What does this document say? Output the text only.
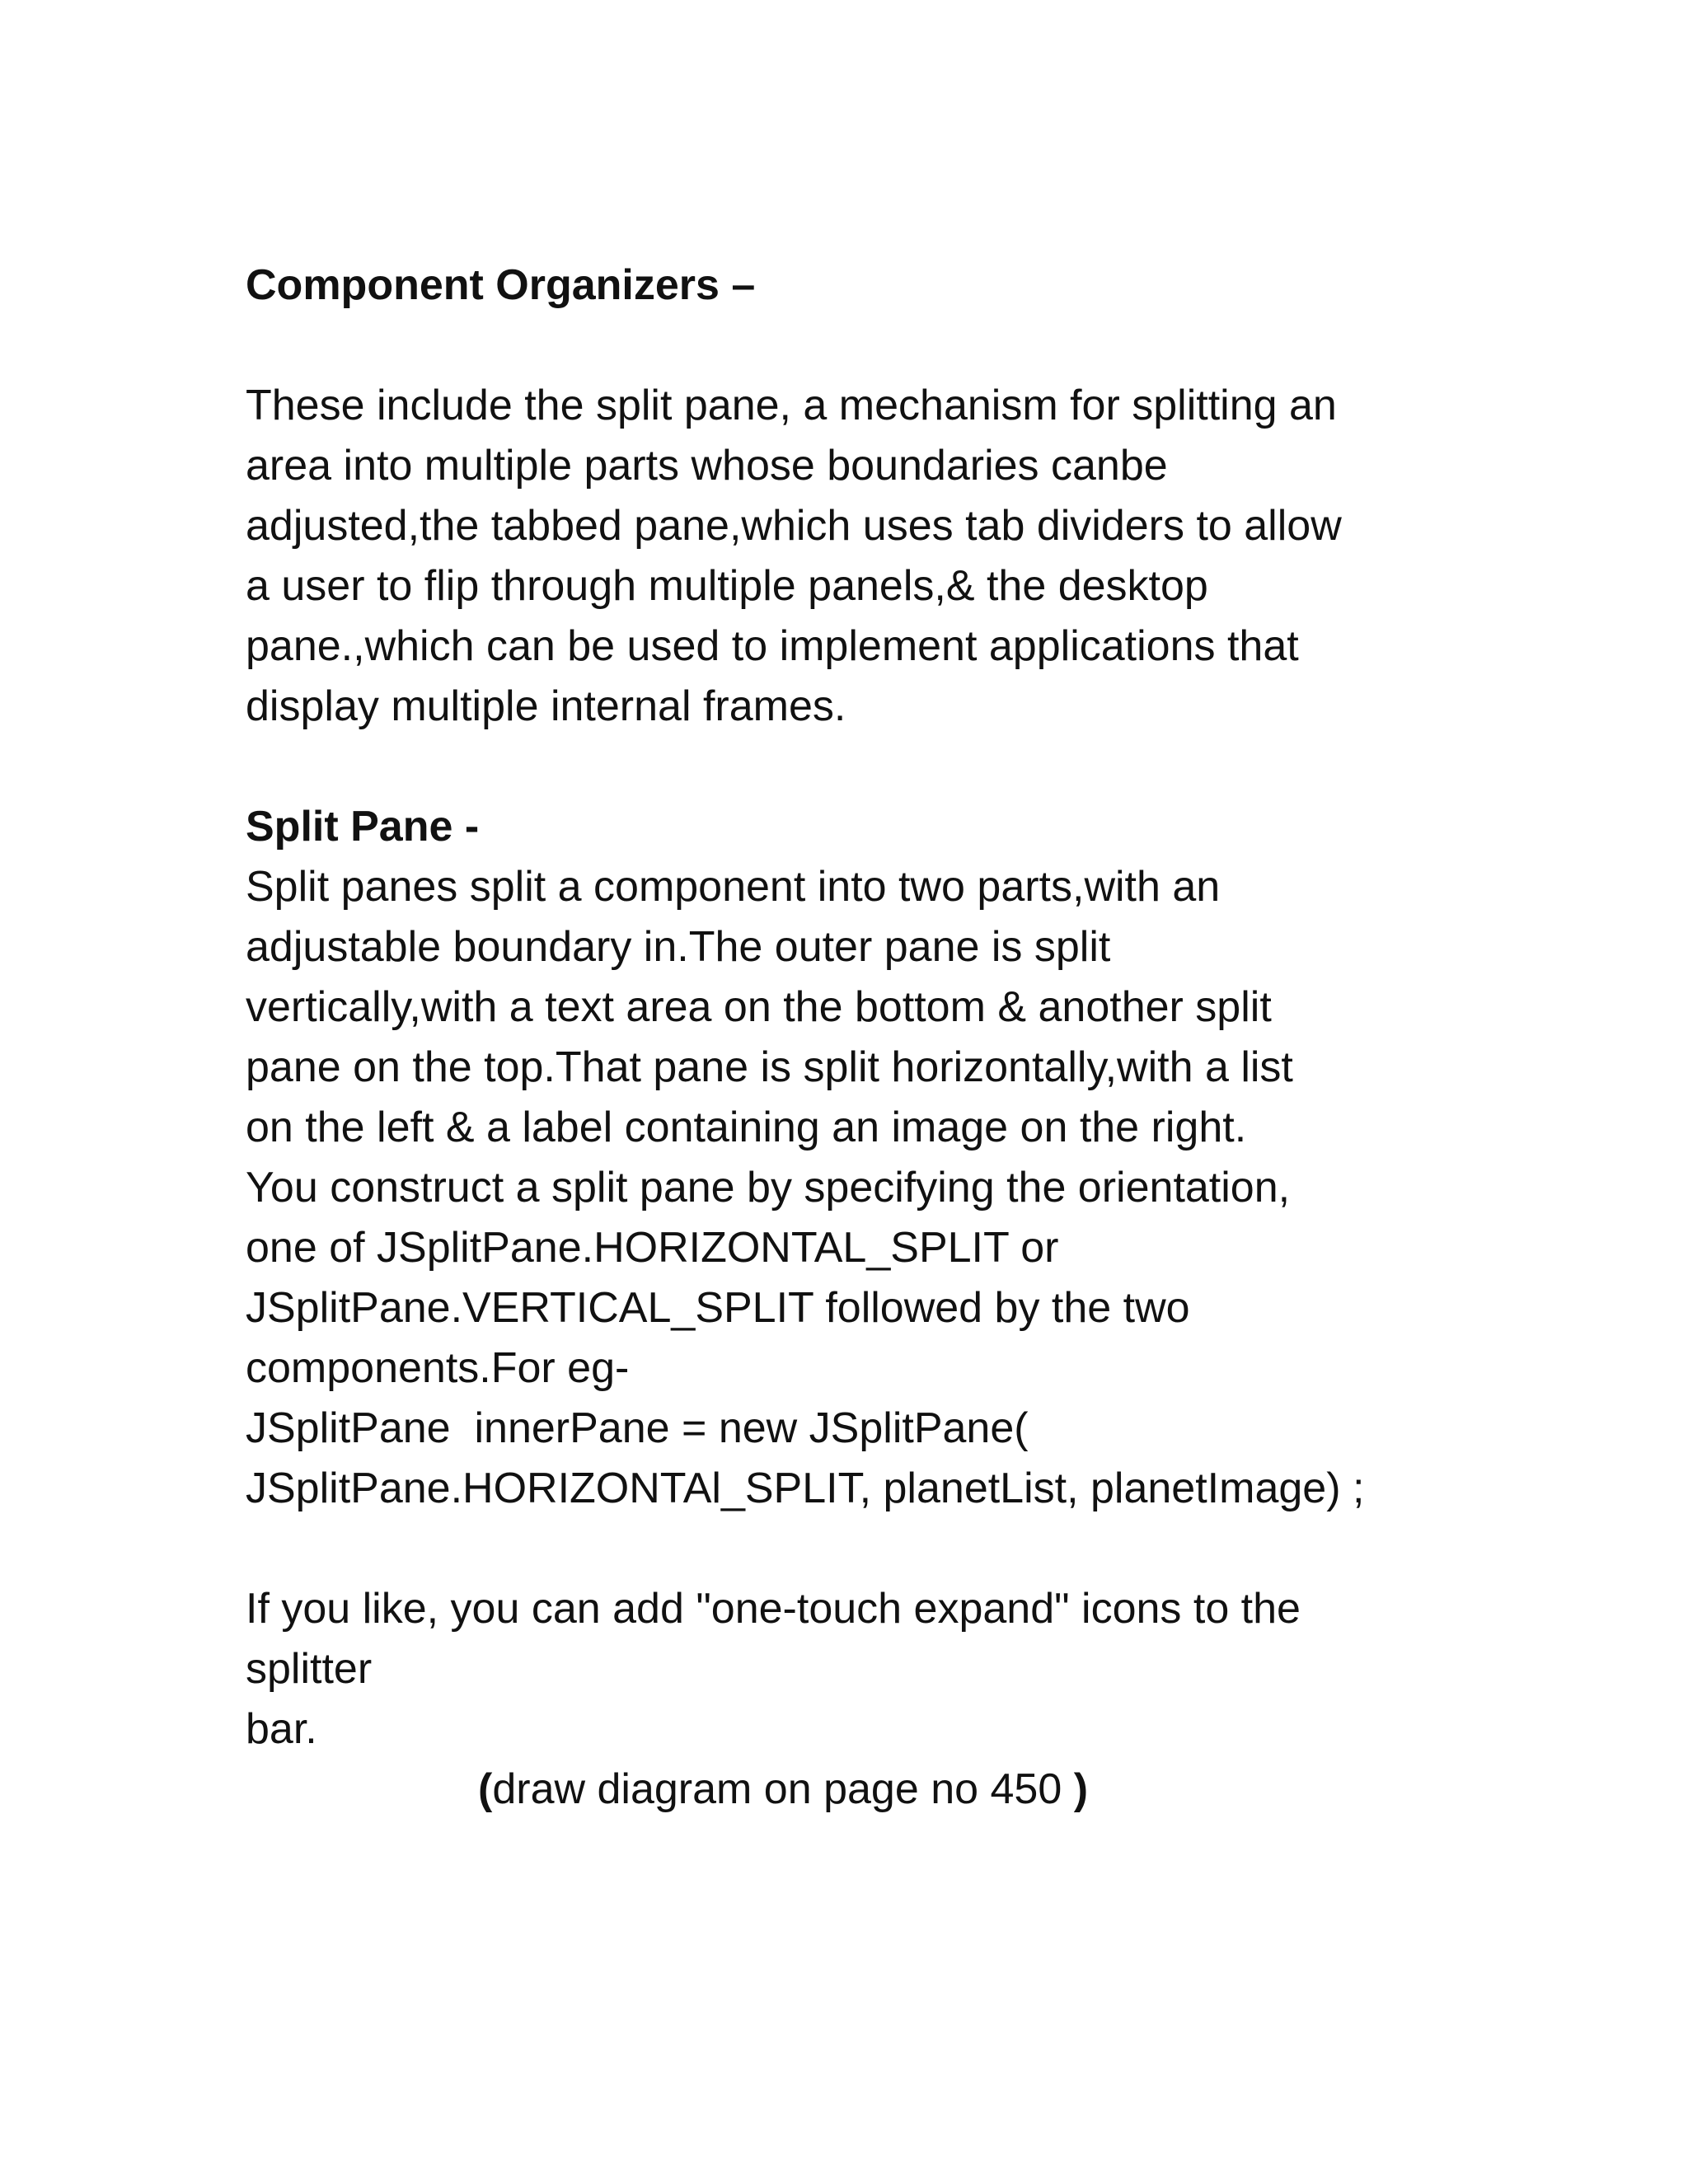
Component Organizers –
These include the split pane, a mechanism for splitting an
area into multiple parts whose boundaries canbe
adjusted,the tabbed pane,which uses tab dividers to allow
a user to flip through multiple panels,& the desktop
pane.,which can be used to implement applications that
display multiple internal frames.
Split Pane -
Split panes split a component into two parts,with an
adjustable boundary in.The outer pane is split
vertically,with a text area on the bottom & another split
pane on the top.That pane is split horizontally,with a list
on the left & a label containing an image on the right.
You construct a split pane by specifying the orientation,
one of JSplitPane.HORIZONTAL_SPLIT or
JSplitPane.VERTICAL_SPLIT followed by the two
components.For eg-
JSplitPane  innerPane = new JSplitPane(
JSplitPane.HORIZONTAl_SPLIT, planetList, planetImage) ;
If you like, you can add "one-touch expand" icons to the
splitter
bar.
(draw diagram on page no 450 )
